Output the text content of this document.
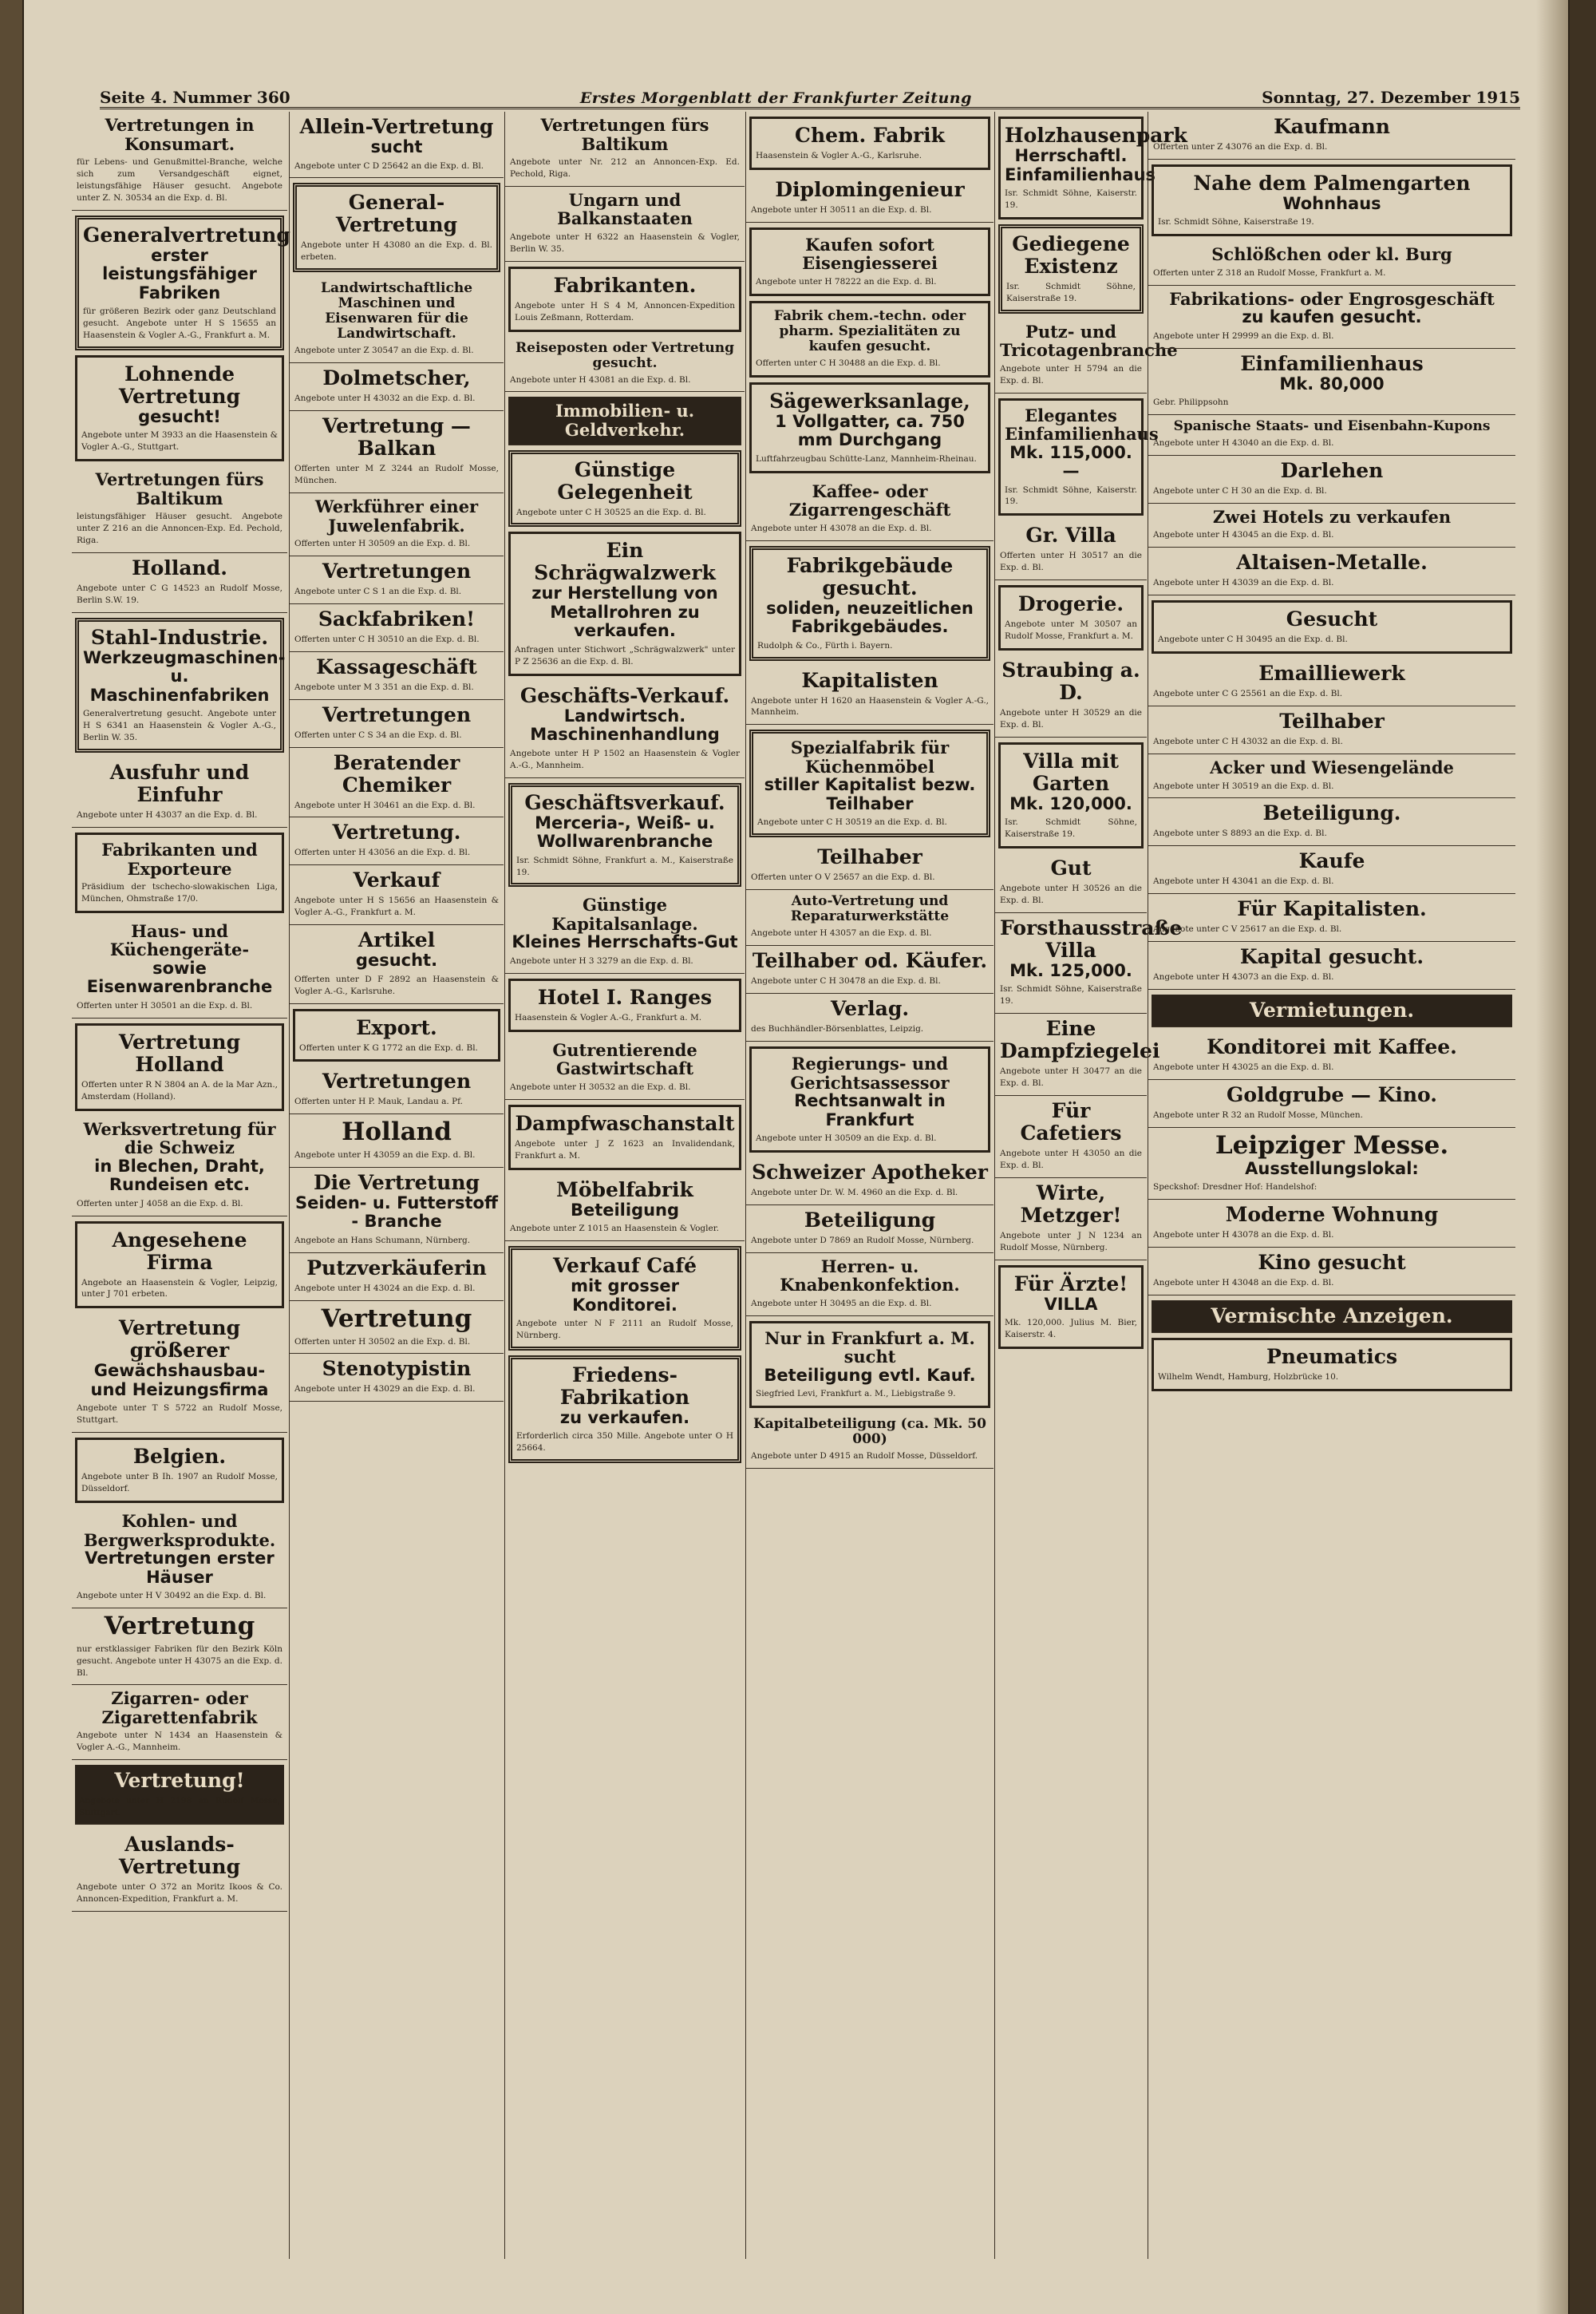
Seite 4. Nummer 360	Erstes Morgenblatt der Frankfurter Zeitung	Sonntag, 27. Dezember 1915
Vertretungen in Konsumart.
für Lebens- und Genußmittel-Branche, welche sich zum Versandgeschäft eignet, leistungsfähige Häuser gesucht. Angebote unter Z. N. 30534 an die Exp. d. Bl.
Generalvertretung
erster leistungsfähiger Fabriken
für größeren Bezirk oder ganz Deutschland gesucht. Angebote unter H S 15655 an Haasenstein & Vogler A.-G., Frankfurt a. M.
Lohnende Vertretung
gesucht!
Angebote unter M 3933 an die Haasenstein & Vogler A.-G., Stuttgart.
Vertretungen fürs Baltikum
leistungsfähiger Häuser gesucht. Angebote unter Z 216 an die Annoncen-Exp. Ed. Pechold, Riga.
Holland.
Angebote unter C G 14523 an Rudolf Mosse, Berlin S.W. 19.
Stahl-Industrie.
Werkzeugmaschinen- u. Maschinenfabriken
Generalvertretung gesucht. Angebote unter H S 6341 an Haasenstein & Vogler A.-G., Berlin W. 35.
Ausfuhr und Einfuhr
Angebote unter H 43037 an die Exp. d. Bl.
Fabrikanten und Exporteure
Präsidium der tschecho-slowakischen Liga, München, Ohmstraße 17/0.
Haus- und Küchengeräte-
sowie Eisenwarenbranche
Offerten unter H 30501 an die Exp. d. Bl.
Vertretung Holland
Offerten unter R N 3804 an A. de la Mar Azn., Amsterdam (Holland).
Werksvertretung für die Schweiz
in Blechen, Draht, Rundeisen etc.
Offerten unter J 4058 an die Exp. d. Bl.
Angesehene Firma
Angebote an Haasenstein & Vogler, Leipzig, unter J 701 erbeten.
Vertretung größerer
Gewächshausbau- und Heizungsfirma
Angebote unter T S 5722 an Rudolf Mosse, Stuttgart.
Belgien.
Angebote unter B Ih. 1907 an Rudolf Mosse, Düsseldorf.
Kohlen- und Bergwerksprodukte.
Vertretungen erster Häuser
Angebote unter H V 30492 an die Exp. d. Bl.
Vertretung
nur erstklassiger Fabriken für den Bezirk Köln gesucht. Angebote unter H 43075 an die Exp. d. Bl.
Zigarren- oder Zigarettenfabrik
Angebote unter N 1434 an Haasenstein & Vogler A.-G., Mannheim.
Vertretung!
Angebote unter H 2198 an Rudolf Mosse, Stuttgart.
Auslands-Vertretung
Angebote unter O 372 an Moritz Ikoos & Co. Annoncen-Expedition, Frankfurt a. M.
Allein-Vertretung
sucht
Angebote unter C D 25642 an die Exp. d. Bl.
General-Vertretung
Angebote unter H 43080 an die Exp. d. Bl. erbeten.
Landwirtschaftliche Maschinen und Eisenwaren für die Landwirtschaft.
Angebote unter Z 30547 an die Exp. d. Bl.
Dolmetscher,
Angebote unter H 43032 an die Exp. d. Bl.
Vertretung — Balkan
Offerten unter M Z 3244 an Rudolf Mosse, München.
Werkführer einer Juwelenfabrik.
Offerten unter H 30509 an die Exp. d. Bl.
Vertretungen
Angebote unter C S 1 an die Exp. d. Bl.
Sackfabriken!
Offerten unter C H 30510 an die Exp. d. Bl.
Kassageschäft
Angebote unter M 3 351 an die Exp. d. Bl.
Vertretungen
Offerten unter C S 34 an die Exp. d. Bl.
Beratender Chemiker
Angebote unter H 30461 an die Exp. d. Bl.
Vertretung.
Offerten unter H 43056 an die Exp. d. Bl.
Verkauf
Angebote unter H S 15656 an Haasenstein & Vogler A.-G., Frankfurt a. M.
Artikel
gesucht.
Offerten unter D F 2892 an Haasenstein & Vogler A.-G., Karlsruhe.
Export.
Offerten unter K G 1772 an die Exp. d. Bl.
Vertretungen
Offerten unter H P. Mauk, Landau a. Pf.
Holland
Angebote unter H 43059 an die Exp. d. Bl.
Die Vertretung
Seiden- u. Futterstoff - Branche
Angebote an Hans Schumann, Nürnberg.
Putzverkäuferin
Angebote unter H 43024 an die Exp. d. Bl.
Vertretung
Offerten unter H 30502 an die Exp. d. Bl.
Stenotypistin
Angebote unter H 43029 an die Exp. d. Bl.
Vertretungen fürs Baltikum
Angebote unter Nr. 212 an Annoncen-Exp. Ed. Pechold, Riga.
Ungarn und Balkanstaaten
Angebote unter H 6322 an Haasenstein & Vogler, Berlin W. 35.
Fabrikanten.
Angebote unter H S 4 M, Annoncen-Expedition Louis Zeßmann, Rotterdam.
Reiseposten oder Vertretung gesucht.
Angebote unter H 43081 an die Exp. d. Bl.
Immobilien- u. Geldverkehr.
Günstige Gelegenheit
Angebote unter C H 30525 an die Exp. d. Bl.
Ein Schrägwalzwerk
zur Herstellung von Metallrohren zu verkaufen.
Anfragen unter Stichwort „Schrägwalzwerk" unter P Z 25636 an die Exp. d. Bl.
Geschäfts-Verkauf.
Landwirtsch. Maschinenhandlung
Angebote unter H P 1502 an Haasenstein & Vogler A.-G., Mannheim.
Geschäftsverkauf.
Merceria-, Weiß- u. Wollwarenbranche
Isr. Schmidt Söhne, Frankfurt a. M., Kaiserstraße 19.
Günstige Kapitalsanlage.
Kleines Herrschafts-Gut
Angebote unter H 3 3279 an die Exp. d. Bl.
Hotel I. Ranges
Haasenstein & Vogler A.-G., Frankfurt a. M.
Gutrentierende Gastwirtschaft
Angebote unter H 30532 an die Exp. d. Bl.
Dampfwaschanstalt
Angebote unter J Z 1623 an Invalidendank, Frankfurt a. M.
Möbelfabrik
Beteiligung
Angebote unter Z 1015 an Haasenstein & Vogler.
Verkauf Café
mit grosser Konditorei.
Angebote unter N F 2111 an Rudolf Mosse, Nürnberg.
Friedens-Fabrikation
zu verkaufen.
Erforderlich circa 350 Mille. Angebote unter O H 25664.
Chem. Fabrik
Haasenstein & Vogler A.-G., Karlsruhe.
Diplomingenieur
Angebote unter H 30511 an die Exp. d. Bl.
Kaufen sofort Eisengiesserei
Angebote unter H 78222 an die Exp. d. Bl.
Fabrik chem.-techn. oder pharm. Spezialitäten zu kaufen gesucht.
Offerten unter C H 30488 an die Exp. d. Bl.
Sägewerksanlage,
1 Vollgatter, ca. 750 mm Durchgang
Luftfahrzeugbau Schütte-Lanz, Mannheim-Rheinau.
Kaffee- oder Zigarrengeschäft
Angebote unter H 43078 an die Exp. d. Bl.
Fabrikgebäude gesucht.
soliden, neuzeitlichen Fabrikgebäudes.
Rudolph & Co., Fürth i. Bayern.
Kapitalisten
Angebote unter H 1620 an Haasenstein & Vogler A.-G., Mannheim.
Spezialfabrik für Küchenmöbel
stiller Kapitalist bezw. Teilhaber
Angebote unter C H 30519 an die Exp. d. Bl.
Teilhaber
Offerten unter O V 25657 an die Exp. d. Bl.
Auto-Vertretung und Reparaturwerkstätte
Angebote unter H 43057 an die Exp. d. Bl.
Teilhaber od. Käufer.
Angebote unter C H 30478 an die Exp. d. Bl.
Verlag.
des Buchhändler-Börsenblattes, Leipzig.
Regierungs- und Gerichtsassessor
Rechtsanwalt in Frankfurt
Angebote unter H 30509 an die Exp. d. Bl.
Schweizer Apotheker
Angebote unter Dr. W. M. 4960 an die Exp. d. Bl.
Beteiligung
Angebote unter D 7869 an Rudolf Mosse, Nürnberg.
Herren- u. Knabenkonfektion.
Angebote unter H 30495 an die Exp. d. Bl.
Nur in Frankfurt a. M. sucht
Beteiligung evtl. Kauf.
Siegfried Levi, Frankfurt a. M., Liebigstraße 9.
Kapitalbeteiligung (ca. Mk. 50 000)
Angebote unter D 4915 an Rudolf Mosse, Düsseldorf.
Holzhausenpark
Herrschaftl. Einfamilienhaus
Isr. Schmidt Söhne, Kaiserstr. 19.
Gediegene Existenz
Isr. Schmidt Söhne, Kaiserstraße 19.
Putz- und Tricotagenbranche
Angebote unter H 5794 an die Exp. d. Bl.
Elegantes Einfamilienhaus
Mk. 115,000.—
Isr. Schmidt Söhne, Kaiserstr. 19.
Gr. Villa
Offerten unter H 30517 an die Exp. d. Bl.
Drogerie.
Angebote unter M 30507 an Rudolf Mosse, Frankfurt a. M.
Straubing a. D.
Angebote unter H 30529 an die Exp. d. Bl.
Villa mit Garten
Mk. 120,000.
Isr. Schmidt Söhne, Kaiserstraße 19.
Gut
Angebote unter H 30526 an die Exp. d. Bl.
Forsthausstraße Villa
Mk. 125,000.
Isr. Schmidt Söhne, Kaiserstraße 19.
Eine Dampfziegelei
Angebote unter H 30477 an die Exp. d. Bl.
Für Cafetiers
Angebote unter H 43050 an die Exp. d. Bl.
Wirte, Metzger!
Angebote unter J N 1234 an Rudolf Mosse, Nürnberg.
Für Ärzte!
VILLA
Mk. 120,000. Julius M. Bier, Kaiserstr. 4.
Kaufmann
Offerten unter Z 43076 an die Exp. d. Bl.
Nahe dem Palmengarten
Wohnhaus
Isr. Schmidt Söhne, Kaiserstraße 19.
Schlößchen oder kl. Burg
Offerten unter Z 318 an Rudolf Mosse, Frankfurt a. M.
Fabrikations- oder Engrosgeschäft
zu kaufen gesucht.
Angebote unter H 29999 an die Exp. d. Bl.
Einfamilienhaus
Mk. 80,000
Gebr. Philippsohn
Spanische Staats- und Eisenbahn-Kupons
Angebote unter H 43040 an die Exp. d. Bl.
Darlehen
Angebote unter C H 30 an die Exp. d. Bl.
Zwei Hotels zu verkaufen
Angebote unter H 43045 an die Exp. d. Bl.
Altaisen-Metalle.
Angebote unter H 43039 an die Exp. d. Bl.
Gesucht
Angebote unter C H 30495 an die Exp. d. Bl.
Emailliewerk
Angebote unter C G 25561 an die Exp. d. Bl.
Teilhaber
Angebote unter C H 43032 an die Exp. d. Bl.
Acker und Wiesengelände
Angebote unter H 30519 an die Exp. d. Bl.
Beteiligung.
Angebote unter S 8893 an die Exp. d. Bl.
Kaufe
Angebote unter H 43041 an die Exp. d. Bl.
Für Kapitalisten.
Angebote unter C V 25617 an die Exp. d. Bl.
Kapital gesucht.
Angebote unter H 43073 an die Exp. d. Bl.
Vermietungen.
Konditorei mit Kaffee.
Angebote unter H 43025 an die Exp. d. Bl.
Goldgrube — Kino.
Angebote unter R 32 an Rudolf Mosse, München.
Leipziger Messe.
Ausstellungslokal:
Speckshof: Dresdner Hof: Handelshof:
Moderne Wohnung
Angebote unter H 43078 an die Exp. d. Bl.
Kino gesucht
Angebote unter H 43048 an die Exp. d. Bl.
Vermischte Anzeigen.
Pneumatics
Wilhelm Wendt, Hamburg, Holzbrücke 10.
